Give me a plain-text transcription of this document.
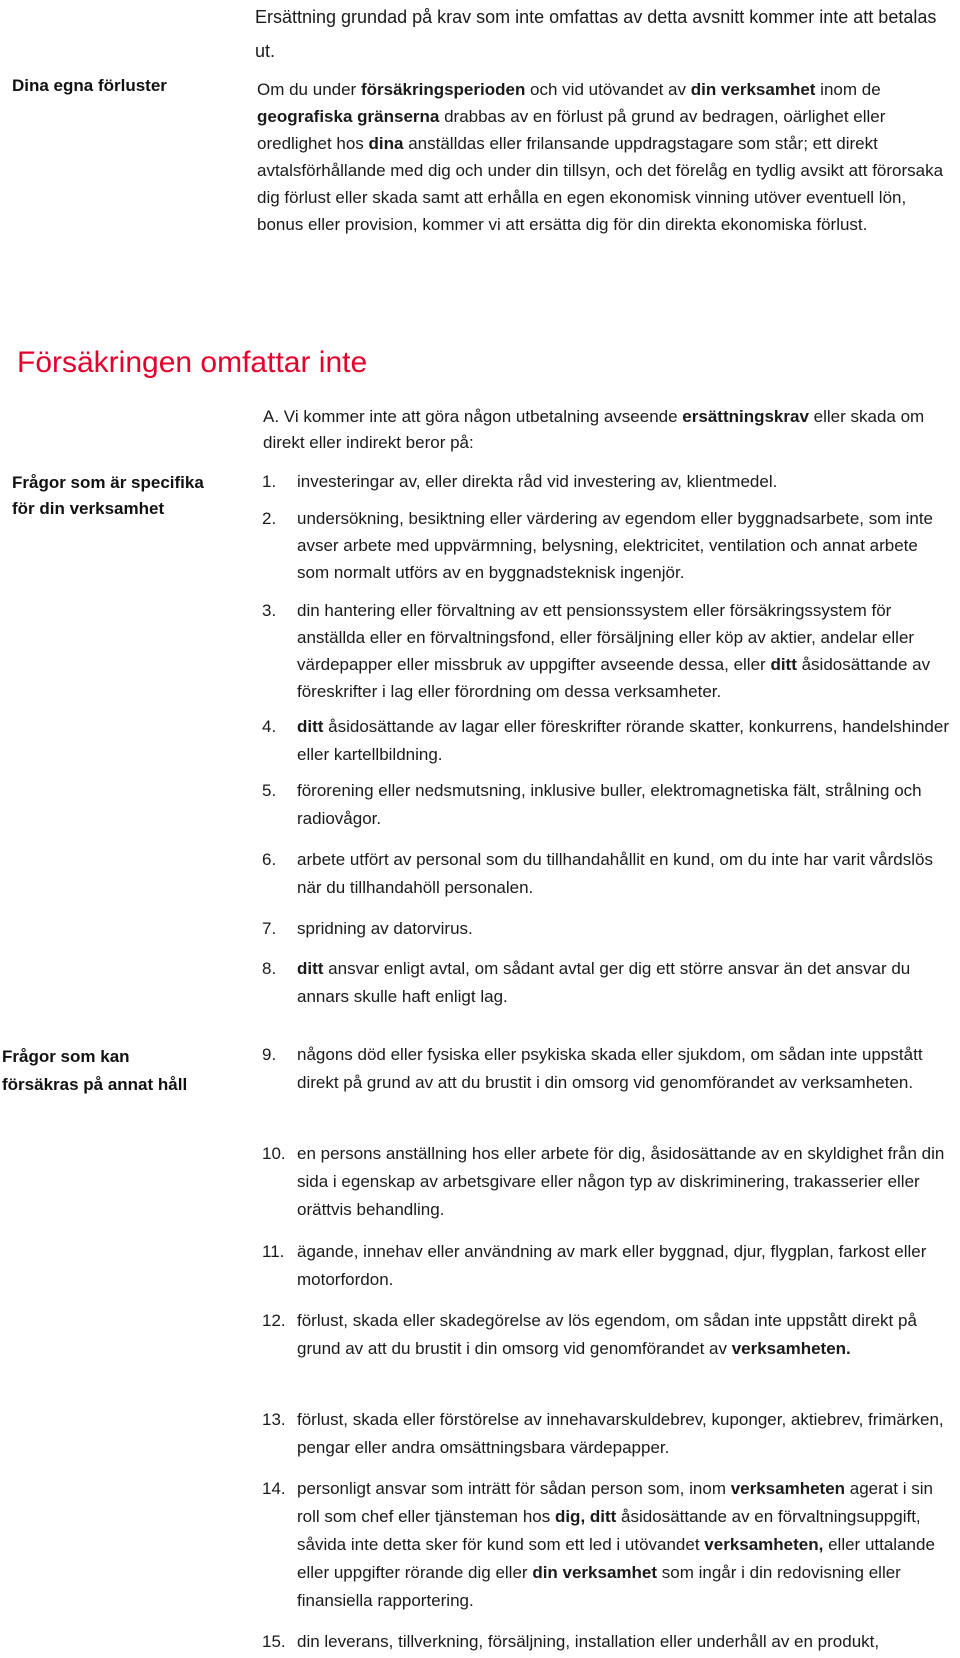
Ersättning grundad på krav som inte omfattas av detta avsnitt kommer inte att betalas ut.
Dina egna förluster	Om du under försäkringsperioden och vid utövandet av din verksamhet inom de geografiska gränserna drabbas av en förlust på grund av bedragen, oärlighet eller oredlighet hos dina anställdas eller frilansande uppdragstagare som står; ett direkt avtalsförhållande med dig och under din tillsyn, och det förelåg en tydlig avsikt att förorsaka dig förlust eller skada samt att erhålla en egen ekonomisk vinning utöver eventuell lön, bonus eller provision, kommer vi att ersätta dig för din direkta ekonomiska förlust.
Försäkringen omfattar inte
A. Vi kommer inte att göra någon utbetalning avseende ersättningskrav eller skada om direkt eller indirekt beror på:
Frågor som är specifika för din verksamhet
Frågor som kan försäkras på annat håll
1.	investeringar av, eller direkta råd vid investering av, klientmedel.
2.	undersökning, besiktning eller värdering av egendom eller byggnadsarbete, som inte avser arbete med uppvärmning, belysning, elektricitet, ventilation och annat arbete som normalt utförs av en byggnadsteknisk ingenjör.
3.	din hantering eller förvaltning av ett pensionssystem eller försäkringssystem för anställda eller en förvaltningsfond, eller försäljning eller köp av aktier, andelar eller värdepapper eller missbruk av uppgifter avseende dessa, eller ditt åsidosättande av föreskrifter i lag eller förordning om dessa verksamheter.
4.	ditt åsidosättande av lagar eller föreskrifter rörande skatter, konkurrens, handelshinder eller kartellbildning.
5.	förorening eller nedsmutsning, inklusive buller, elektromagnetiska fält, strålning och radiovågor.
6.	arbete utfört av personal som du tillhandahållit en kund, om du inte har varit vårdslös när du tillhandahöll personalen.
7.	spridning av datorvirus.
8.	ditt ansvar enligt avtal, om sådant avtal ger dig ett större ansvar än det ansvar du annars skulle haft enligt lag.
9.	någons död eller fysiska eller psykiska skada eller sjukdom, om sådan inte uppstått direkt på grund av att du brustit i din omsorg vid genomförandet av verksamheten.
10. en persons anställning hos eller arbete för dig, åsidosättande av en skyldighet från din sida i egenskap av arbetsgivare eller någon typ av diskriminering, trakasserier eller orättvis behandling.
11. ägande, innehav eller användning av mark eller byggnad, djur, flygplan, farkost eller motorfordon.
12. förlust, skada eller skadegörelse av lös egendom, om sådan inte uppstått direkt på grund av att du brustit i din omsorg vid genomförandet av verksamheten.
13. förlust, skada eller förstörelse av innehavarskuldebrev, kuponger, aktiebrev, frimärken, pengar eller andra omsättningsbara värdepapper.
14. personligt ansvar som inträtt för sådan person som, inom verksamheten agerat i sin roll som chef eller tjänsteman hos dig, ditt åsidosättande av en förvaltningsuppgift, såvida inte detta sker för kund som ett led i utövandet verksamheten, eller uttalande eller uppgifter rörande dig eller din verksamhet som ingår i din redovisning eller finansiella rapportering.
15. din leverans, tillverkning, försäljning, installation eller underhåll av en produkt,
